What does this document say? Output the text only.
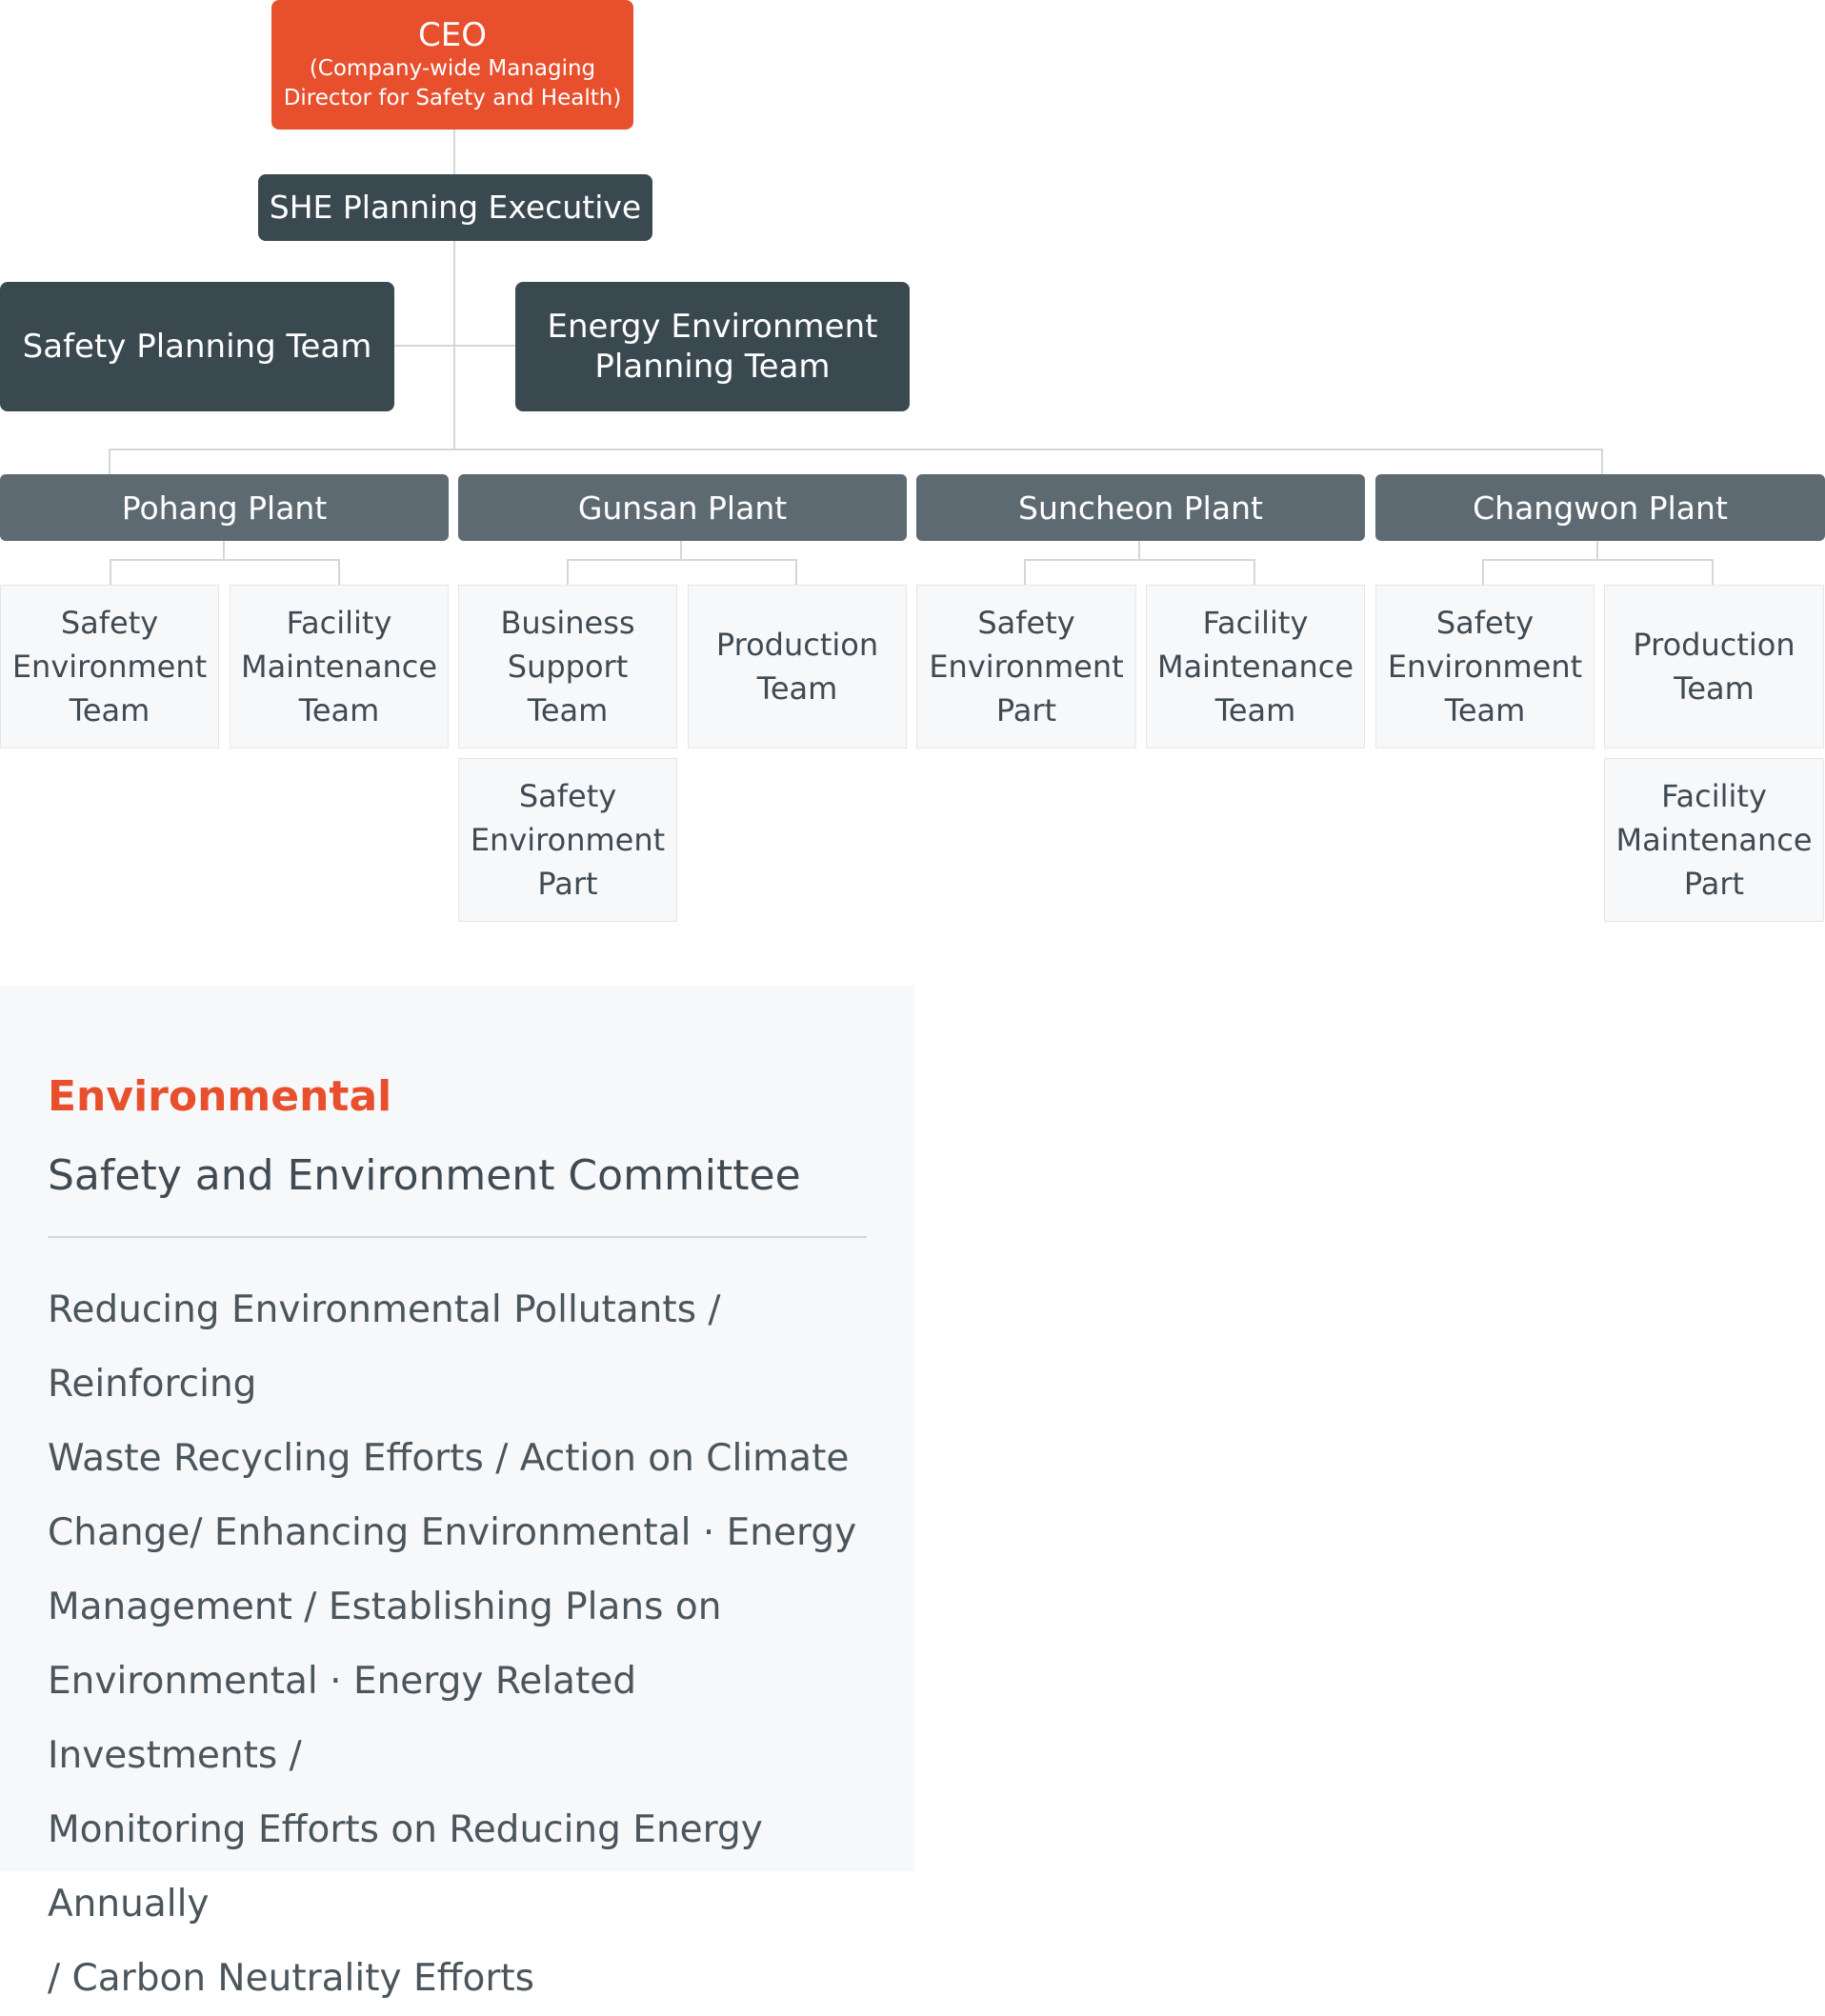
CEO
(Company-wide Managing
Director for Safety and Health)
SHE Planning Executive
Safety Planning Team
Energy Environment
Planning Team
Pohang Plant	Gunsan Plant	Suncheon Plant	Changwon Plant
Safety
Environment
Team
Facility
Maintenance
Team
Business
Support
Team
Production
Team
Safety
Environment
Part
Safety
Environment
Part
Facility
Maintenance
Team
Safety
Environment
Team
Production
Team
Facility
Maintenance
Part
Environmental
Safety and Environment Committee
Reducing Environmental Pollutants / Reinforcing
Waste Recycling Efforts / Action on Climate
Change/ Enhancing Environmental · Energy
Management / Establishing Plans on
Environmental · Energy Related Investments /
Monitoring Efforts on Reducing Energy Annually
/ Carbon Neutrality Efforts
